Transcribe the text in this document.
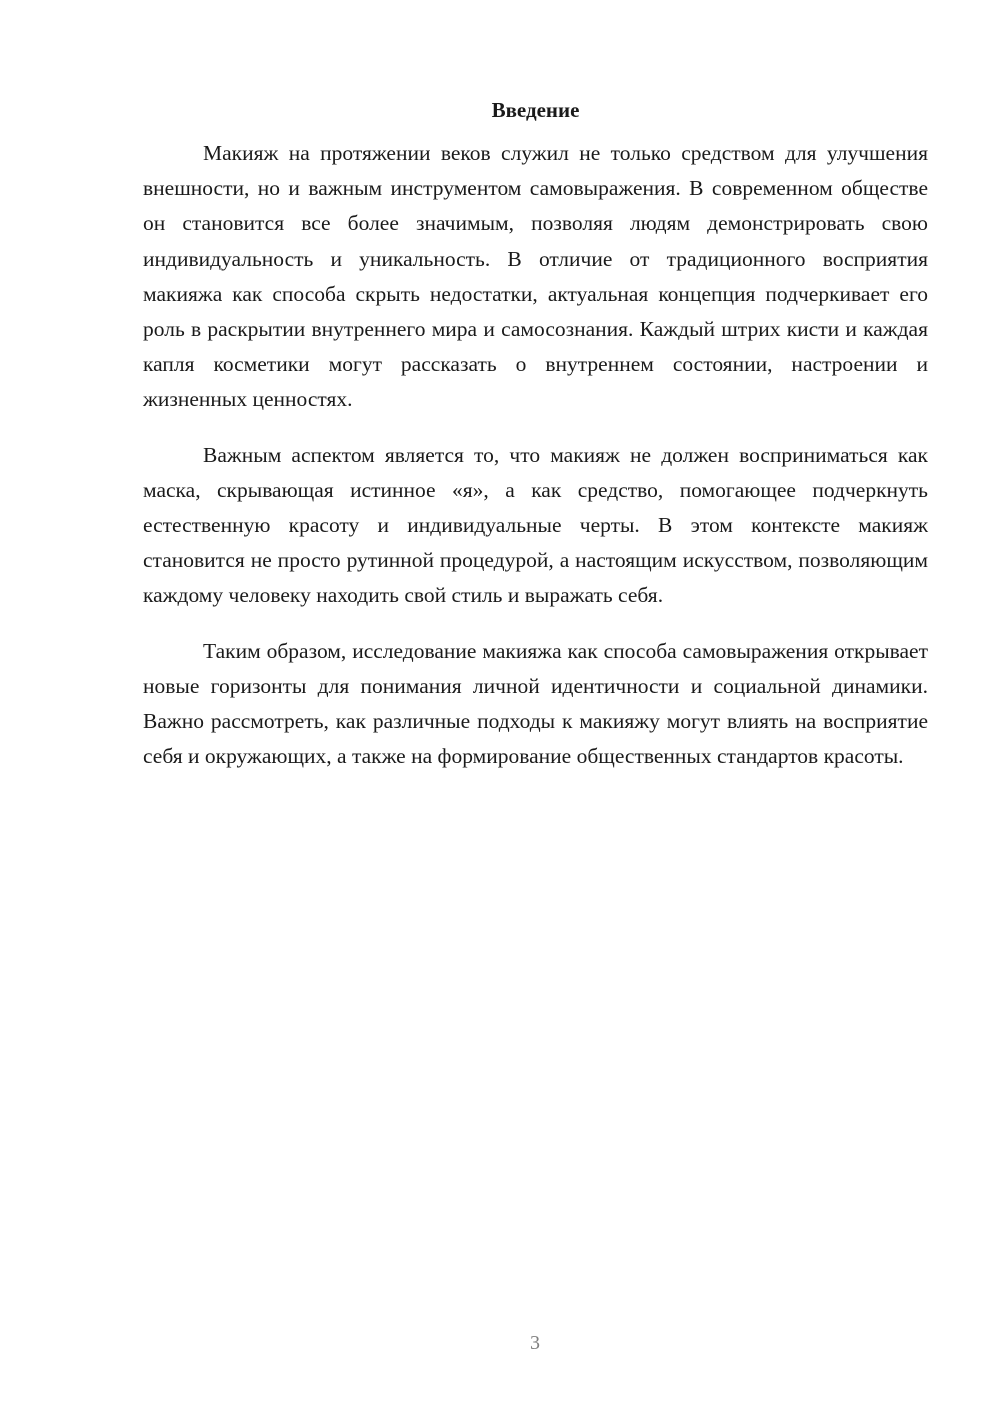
Введение

Макияж на протяжении веков служил не только средством для улучшения внешности, но и важным инструментом самовыражения. В современном обществе он становится все более значимым, позволяя людям демонстрировать свою индивидуальность и уникальность. В отличие от традиционного восприятия макияжа как способа скрыть недостатки, актуальная концепция подчеркивает его роль в раскрытии внутреннего мира и самосознания. Каждый штрих кисти и каждая капля косметики могут рассказать о внутреннем состоянии, настроении и жизненных ценностях.

Важным аспектом является то, что макияж не должен восприниматься как маска, скрывающая истинное «я», а как средство, помогающее подчеркнуть естественную красоту и индивидуальные черты. В этом контексте макияж становится не просто рутинной процедурой, а настоящим искусством, позволяющим каждому человеку находить свой стиль и выражать себя.

Таким образом, исследование макияжа как способа самовыражения открывает новые горизонты для понимания личной идентичности и социальной динамики. Важно рассмотреть, как различные подходы к макияжу могут влиять на восприятие себя и окружающих, а также на формирование общественных стандартов красоты.

3
